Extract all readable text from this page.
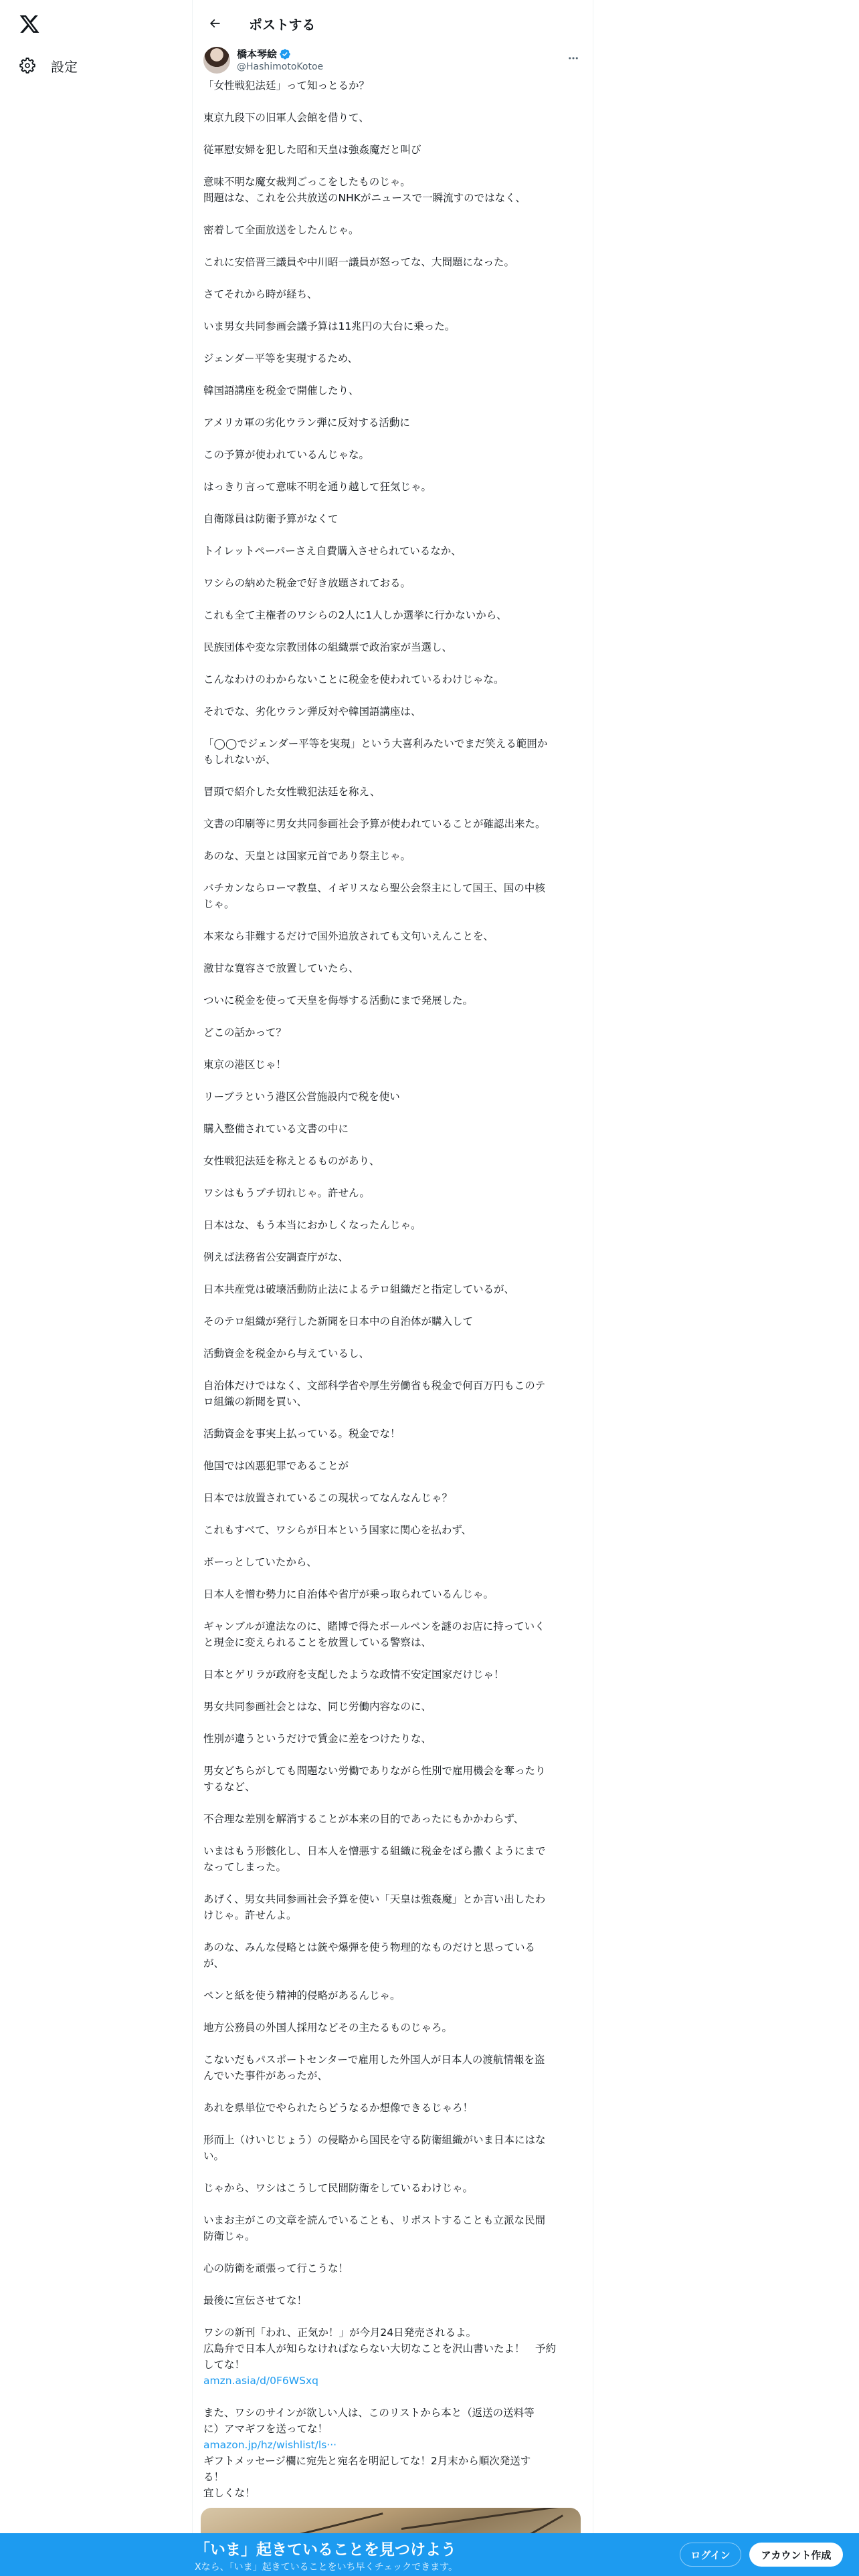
設定
ポストする
橋本琴絵
@HashimotoKotoe
「女性戦犯法廷」って知っとるか？
東京九段下の旧軍人会館を借りて、
従軍慰安婦を犯した昭和天皇は強姦魔だと叫び
意味不明な魔女裁判ごっこをしたものじゃ。
問題はな、これを公共放送のNHKがニュースで一瞬流すのではなく、
密着して全面放送をしたんじゃ。
これに安倍晋三議員や中川昭一議員が怒ってな、大問題になった。
さてそれから時が経ち、
いま男女共同参画会議予算は11兆円の大台に乗った。
ジェンダー平等を実現するため、
韓国語講座を税金で開催したり、
アメリカ軍の劣化ウラン弾に反対する活動に
この予算が使われているんじゃな。
はっきり言って意味不明を通り越して狂気じゃ。
自衛隊員は防衛予算がなくて
トイレットペーパーさえ自費購入させられているなか、
ワシらの納めた税金で好き放題されておる。
これも全て主権者のワシらの2人に1人しか選挙に行かないから、
民族団体や変な宗教団体の組織票で政治家が当選し、
こんなわけのわからないことに税金を使われているわけじゃな。
それでな、劣化ウラン弾反対や韓国語講座は、
「◯◯でジェンダー平等を実現」という大喜利みたいでまだ笑える範囲か
もしれないが、
冒頭で紹介した女性戦犯法廷を称え、
文書の印刷等に男女共同参画社会予算が使われていることが確認出来た。
あのな、天皇とは国家元首であり祭主じゃ。
バチカンならローマ教皇、イギリスなら聖公会祭主にして国王、国の中核
じゃ。
本来なら非難するだけで国外追放されても文句いえんことを、
激甘な寛容さで放置していたら、
ついに税金を使って天皇を侮辱する活動にまで発展した。
どこの話かって？
東京の港区じゃ！
リーブラという港区公営施設内で税を使い
購入整備されている文書の中に
女性戦犯法廷を称えとるものがあり、
ワシはもうブチ切れじゃ。許せん。
日本はな、もう本当におかしくなったんじゃ。
例えば法務省公安調査庁がな、
日本共産党は破壊活動防止法によるテロ組織だと指定しているが、
そのテロ組織が発行した新聞を日本中の自治体が購入して
活動資金を税金から与えているし、
自治体だけではなく、文部科学省や厚生労働省も税金で何百万円もこのテ
ロ組織の新聞を買い、
活動資金を事実上払っている。税金でな！
他国では凶悪犯罪であることが
日本では放置されているこの現状ってなんなんじゃ？
これもすべて、ワシらが日本という国家に関心を払わず、
ボーっとしていたから、
日本人を憎む勢力に自治体や省庁が乗っ取られているんじゃ。
ギャンブルが違法なのに、賭博で得たボールペンを謎のお店に持っていく
と現金に変えられることを放置している警察は、
日本とゲリラが政府を支配したような政情不安定国家だけじゃ！
男女共同参画社会とはな、同じ労働内容なのに、
性別が違うというだけで賃金に差をつけたりな、
男女どちらがしても問題ない労働でありながら性別で雇用機会を奪ったり
するなど、
不合理な差別を解消することが本来の目的であったにもかかわらず、
いまはもう形骸化し、日本人を憎悪する組織に税金をばら撒くようにまで
なってしまった。
あげく、男女共同参画社会予算を使い「天皇は強姦魔」とか言い出したわ
けじゃ。許せんよ。
あのな、みんな侵略とは銃や爆弾を使う物理的なものだけと思っている
が、
ペンと紙を使う精神的侵略があるんじゃ。
地方公務員の外国人採用などその主たるものじゃろ。
こないだもパスポートセンターで雇用した外国人が日本人の渡航情報を盗
んでいた事件があったが、
あれを県単位でやられたらどうなるか想像できるじゃろ！
形而上（けいじじょう）の侵略から国民を守る防衛組織がいま日本にはな
い。
じゃから、ワシはこうして民間防衛をしているわけじゃ。
いまお主がこの文章を読んでいることも、リポストすることも立派な民間
防衛じゃ。
心の防衛を頑張って行こうな！
最後に宣伝させてな！
ワシの新刊「われ、正気か！」が今月24日発売されるよ。
広島弁で日本人が知らなければならない大切なことを沢山書いたよ！　予約
してな！
amzn.asia/d/0F6WSxq
また、ワシのサインが欲しい人は、このリストから本と（返送の送料等
に）アマギフを送ってな！
amazon.jp/hz/wishlist/ls···
ギフトメッセージ欄に宛先と宛名を明記してな！2月末から順次発送す
る！
宜しくな！
「いま」起きていることを見つけよう
Xなら、「いま」起きていることをいち早くチェックできます。
ログイン	アカウント作成
